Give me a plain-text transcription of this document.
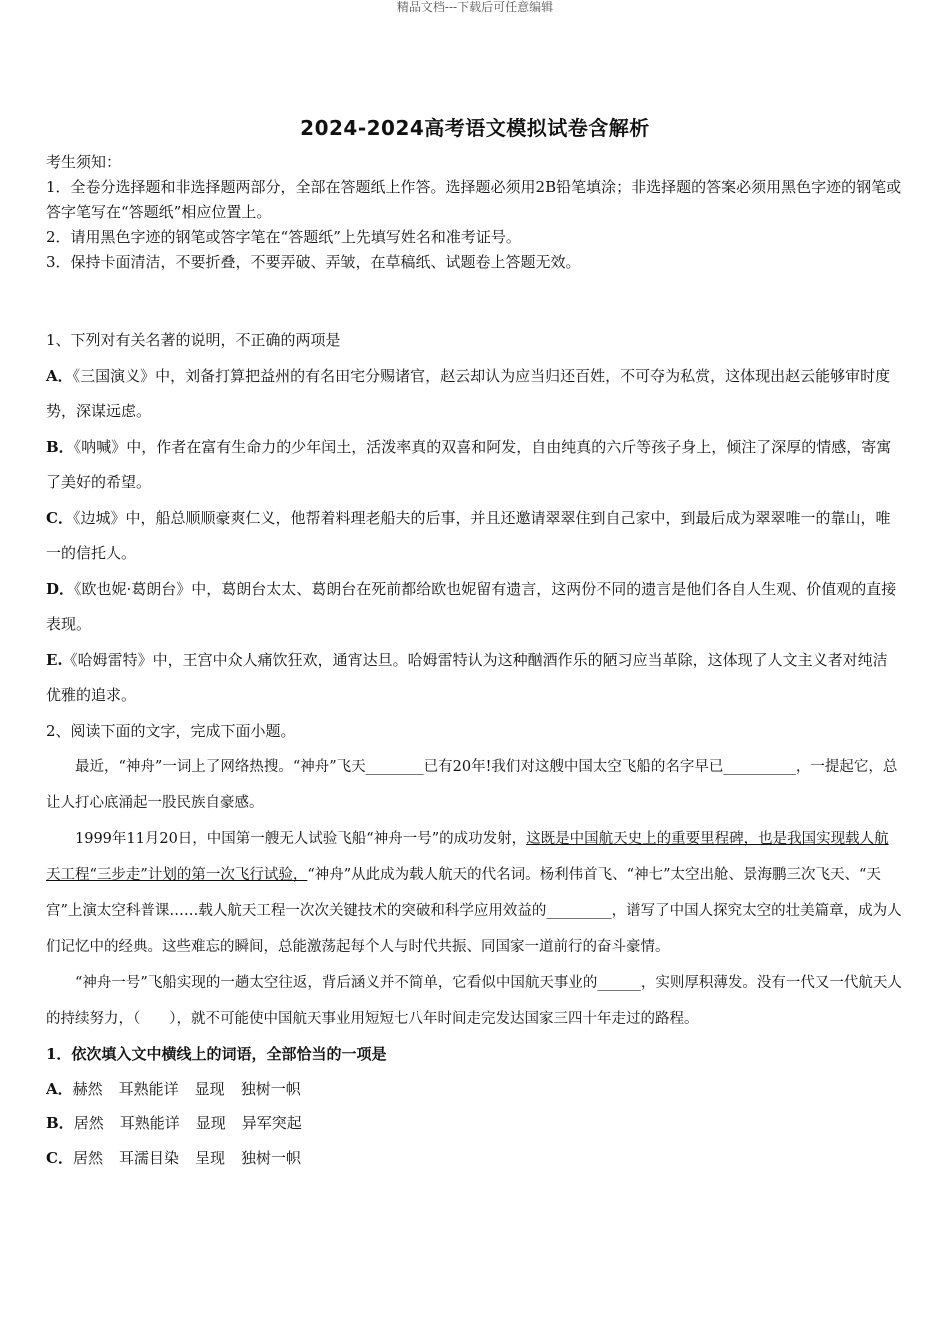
精品文档---下载后可任意编辑
2024-2024高考语文模拟试卷含解析

考生须知：

1．全卷分选择题和非选择题两部分，全部在答题纸上作答。选择题必须用2B铅笔填涂；非选择题的答案必须用黑色字迹的钢笔或答字笔写在“答题纸”相应位置上。

2．请用黑色字迹的钢笔或答字笔在“答题纸”上先填写姓名和准考证号。

3．保持卡面清洁，不要折叠，不要弄破、弄皱，在草稿纸、试题卷上答题无效。

1、下列对有关名著的说明，不正确的两项是

A．《三国演义》中，刘备打算把益州的有名田宅分赐诸官，赵云却认为应当归还百姓，不可夺为私赏，这体现出赵云能够审时度势，深谋远虑。

B．《呐喊》中，作者在富有生命力的少年闰土，活泼率真的双喜和阿发，自由纯真的六斤等孩子身上，倾注了深厚的情感，寄寓了美好的希望。

C．《边城》中，船总顺顺豪爽仁义，他帮着料理老船夫的后事，并且还邀请翠翠住到自己家中，到最后成为翠翠唯一的靠山，唯一的信托人。

D．《欧也妮·葛朗台》中，葛朗台太太、葛朗台在死前都给欧也妮留有遗言，这两份不同的遗言是他们各自人生观、价值观的直接表现。

E.《哈姆雷特》中，王宫中众人痛饮狂欢，通宵达旦。哈姆雷特认为这种酗酒作乐的陋习应当革除，这体现了人文主义者对纯洁优雅的追求。

2、阅读下面的文字，完成下面小题。

最近，“神舟”一词上了网络热搜。“神舟”飞天________已有20年!我们对这艘中国太空飞船的名字早已__________，一提起它，总让人打心底涌起一股民族自豪感。

1999年11月20日，中国第一艘无人试验飞船“神舟一号”的成功发射，这既是中国航天史上的重要里程碑，也是我国实现载人航天工程“三步走”计划的第一次飞行试验，“神舟”从此成为载人航天的代名词。杨利伟首飞、“神七”太空出舱、景海鹏三次飞天、“天宫”上演太空科普课……载人航天工程一次次关键技术的突破和科学应用效益的_________，谱写了中国人探究太空的壮美篇章，成为人们记忆中的经典。这些难忘的瞬间，总能激荡起每个人与时代共振、同国家一道前行的奋斗豪情。

“神舟一号”飞船实现的一趟太空往返，背后涵义并不简单，它看似中国航天事业的______，实则厚积薄发。没有一代又一代航天人的持续努力，（　　），就不可能使中国航天事业用短短七八年时间走完发达国家三四十年走过的路程。

1．依次填入文中横线上的词语，全部恰当的一项是

A．赫然 耳熟能详 显现 独树一帜

B．居然 耳熟能详 显现 异军突起

C．居然 耳濡目染 呈现 独树一帜
